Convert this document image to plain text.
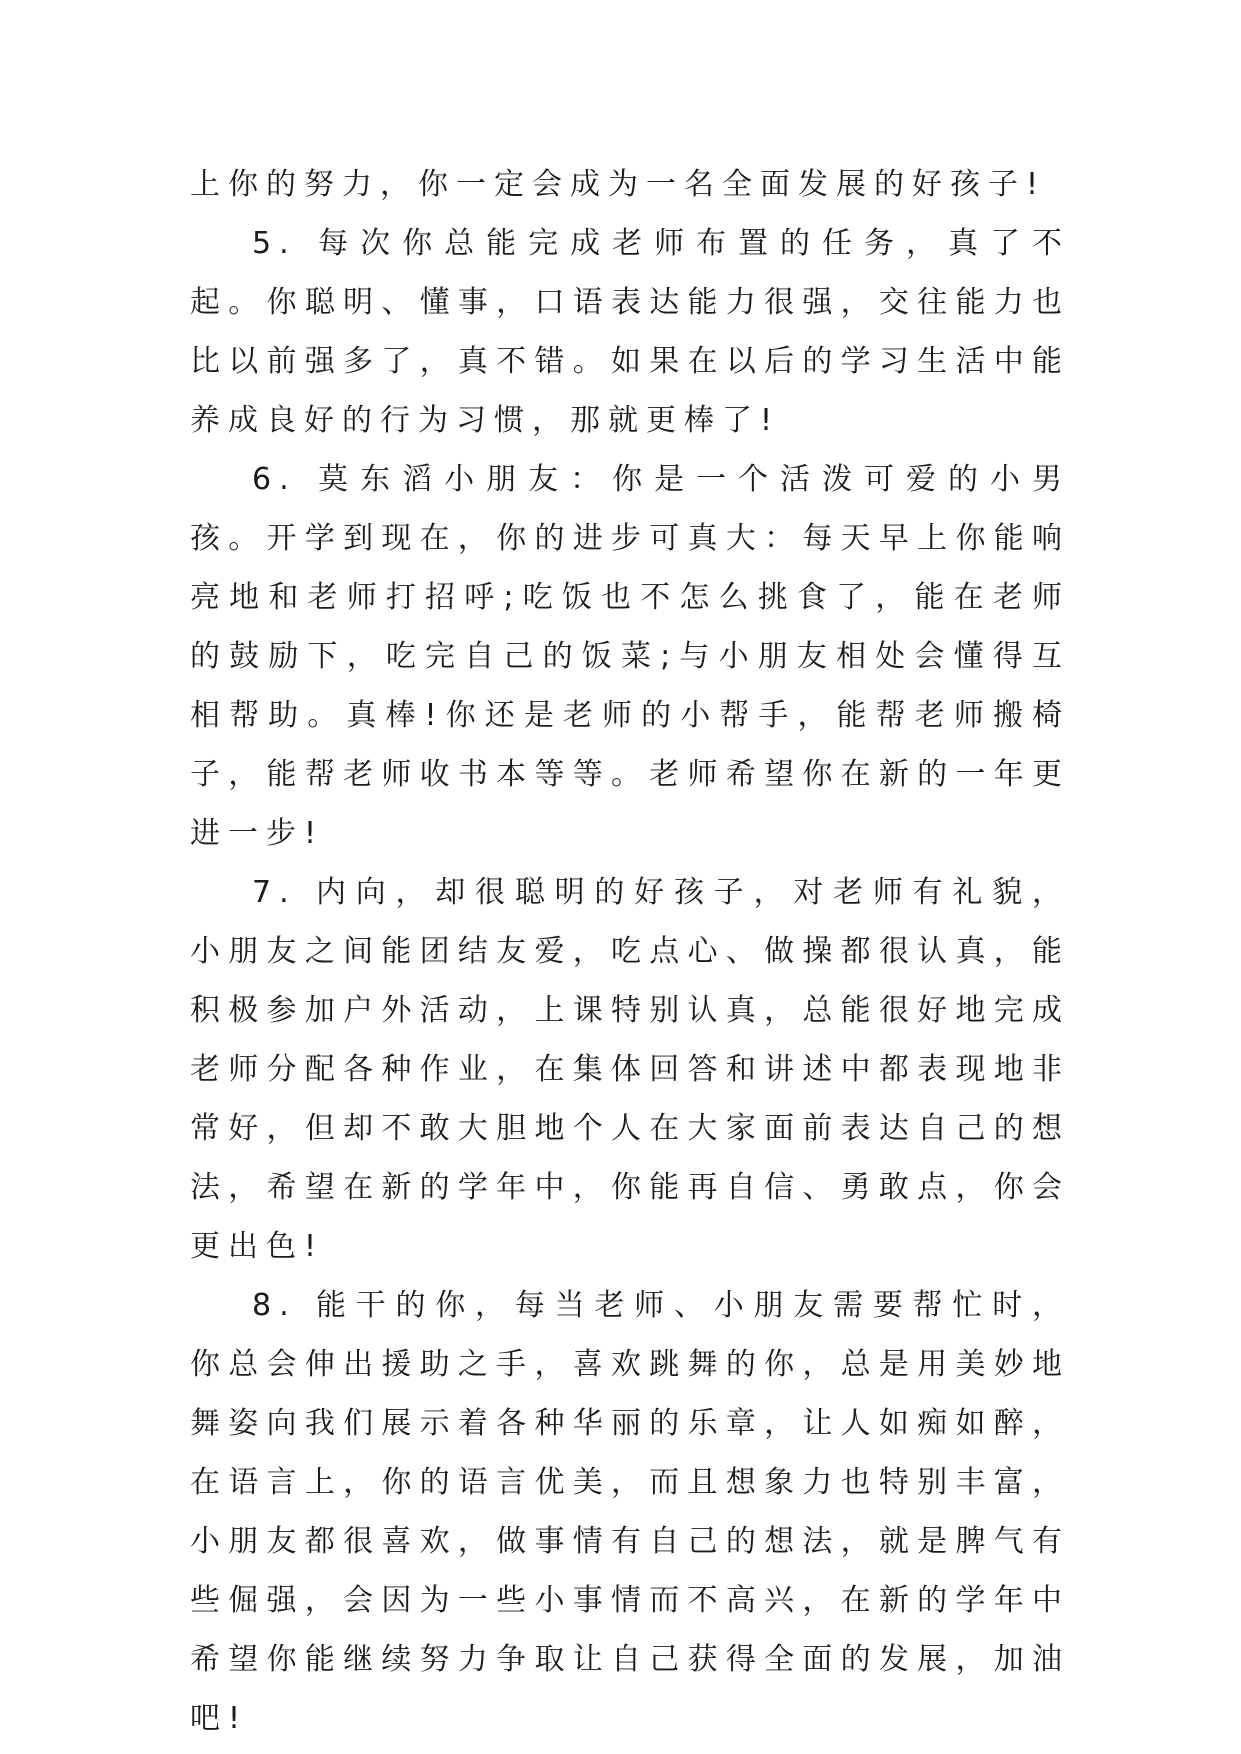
上你的努力，你一定会成为一名全面发展的好孩子!

5. 每次你总能完成老师布置的任务，真了不起。你聪明、懂事，口语表达能力很强，交往能力也比以前强多了，真不错。如果在以后的学习生活中能养成良好的行为习惯，那就更棒了!

6. 莫东滔小朋友：你是一个活泼可爱的小男孩。开学到现在，你的进步可真大：每天早上你能响亮地和老师打招呼;吃饭也不怎么挑食了，能在老师的鼓励下，吃完自己的饭菜;与小朋友相处会懂得互相帮助。真棒!你还是老师的小帮手，能帮老师搬椅子，能帮老师收书本等等。老师希望你在新的一年更进一步!

7. 内向，却很聪明的好孩子，对老师有礼貌，小朋友之间能团结友爱，吃点心、做操都很认真，能积极参加户外活动，上课特别认真，总能很好地完成老师分配各种作业，在集体回答和讲述中都表现地非常好，但却不敢大胆地个人在大家面前表达自己的想法，希望在新的学年中，你能再自信、勇敢点，你会更出色!

8. 能干的你，每当老师、小朋友需要帮忙时，你总会伸出援助之手，喜欢跳舞的你，总是用美妙地舞姿向我们展示着各种华丽的乐章，让人如痴如醉，在语言上，你的语言优美，而且想象力也特别丰富，小朋友都很喜欢，做事情有自己的想法，就是脾气有些倔强，会因为一些小事情而不高兴，在新的学年中希望你能继续努力争取让自己获得全面的发展，加油吧!
